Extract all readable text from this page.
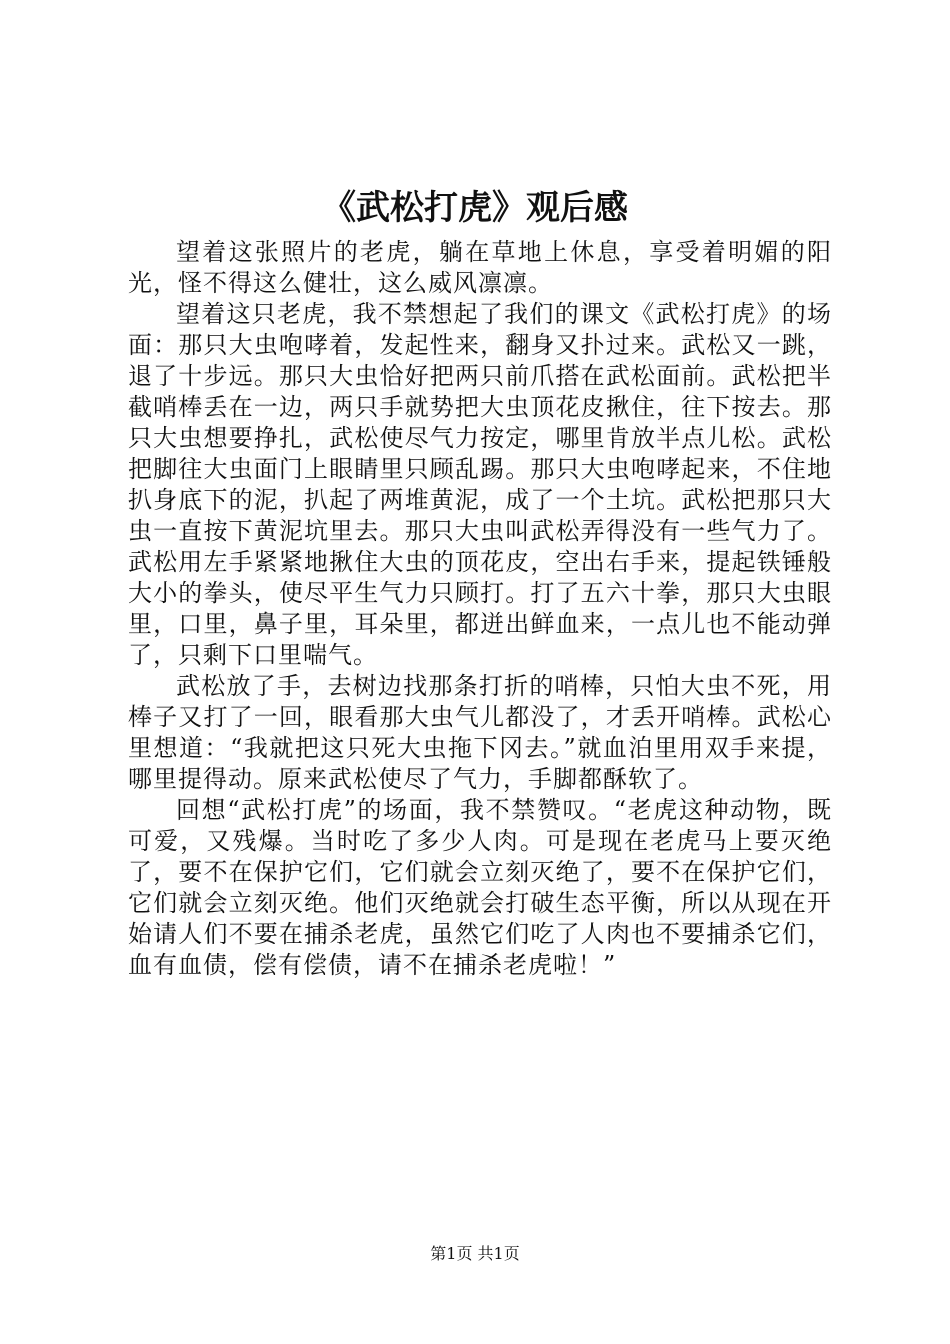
《武松打虎》观后感

望着这张照片的老虎，躺在草地上休息，享受着明媚的阳光，怪不得这么健壮，这么威风凛凛。

望着这只老虎，我不禁想起了我们的课文《武松打虎》的场面：那只大虫咆哮着，发起性来，翻身又扑过来。武松又一跳，退了十步远。那只大虫恰好把两只前爪搭在武松面前。武松把半截哨棒丢在一边，两只手就势把大虫顶花皮揪住，往下按去。那只大虫想要挣扎，武松使尽气力按定，哪里肯放半点儿松。武松把脚往大虫面门上眼睛里只顾乱踢。那只大虫咆哮起来，不住地扒身底下的泥，扒起了两堆黄泥，成了一个土坑。武松把那只大虫一直按下黄泥坑里去。那只大虫叫武松弄得没有一些气力了。武松用左手紧紧地揪住大虫的顶花皮，空出右手来，提起铁锤般大小的拳头，使尽平生气力只顾打。打了五六十拳，那只大虫眼里，口里，鼻子里，耳朵里，都迸出鲜血来，一点儿也不能动弹了，只剩下口里喘气。

武松放了手，去树边找那条打折的哨棒，只怕大虫不死，用棒子又打了一回，眼看那大虫气儿都没了，才丢开哨棒。武松心里想道：“我就把这只死大虫拖下冈去。”就血泊里用双手来提，哪里提得动。原来武松使尽了气力，手脚都酥软了。

回想“武松打虎”的场面，我不禁赞叹。“老虎这种动物，既可爱，又残爆。当时吃了多少人肉。可是现在老虎马上要灭绝了，要不在保护它们，它们就会立刻灭绝了，要不在保护它们，它们就会立刻灭绝。他们灭绝就会打破生态平衡，所以从现在开始请人们不要在捕杀老虎，虽然它们吃了人肉也不要捕杀它们，血有血债，偿有偿债，请不在捕杀老虎啦！”

第1页 共1页
